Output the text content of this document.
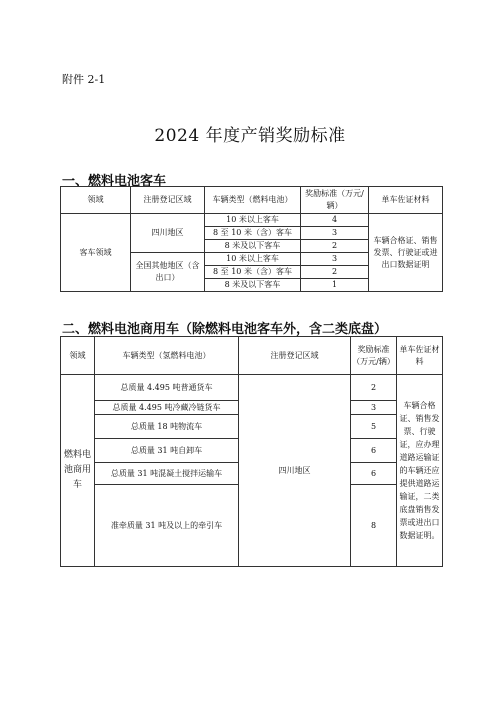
附件 2-1
2024 年度产销奖励标准
一、燃料电池客车
领域	注册登记区域	车辆类型（燃料电池）	奖励标准（万元/辆）	单车佐证材料
客车领域	四川地区	10 米以上客车	4	车辆合格证、销售发票、行驶证或进出口数据证明
		8 至 10 米（含）客车	3	
		8 米及以下客车	2	
	全国其他地区（含出口）	10 米以上客车	3	
		8 至 10 米（含）客车	2	
		8 米及以下客车	1	
二、燃料电池商用车（除燃料电池客车外，含二类底盘）
领域	车辆类型（氢燃料电池）	注册登记区域	奖励标准（万元/辆）	单车佐证材料
燃料电池商用车	总质量 4.495 吨普通货车	四川地区	2	车辆合格证、销售发票、行驶证，应办理道路运输证的车辆还应提供道路运输证，二类底盘销售发票或进出口数据证明。
	总质量 4.495 吨冷藏冷链货车		3	
	总质量 18 吨物流车		5	
	总质量 31 吨自卸车		6	
	总质量 31 吨混凝土搅拌运输车		6	
	准牵质量 31 吨及以上的牵引车		8	
